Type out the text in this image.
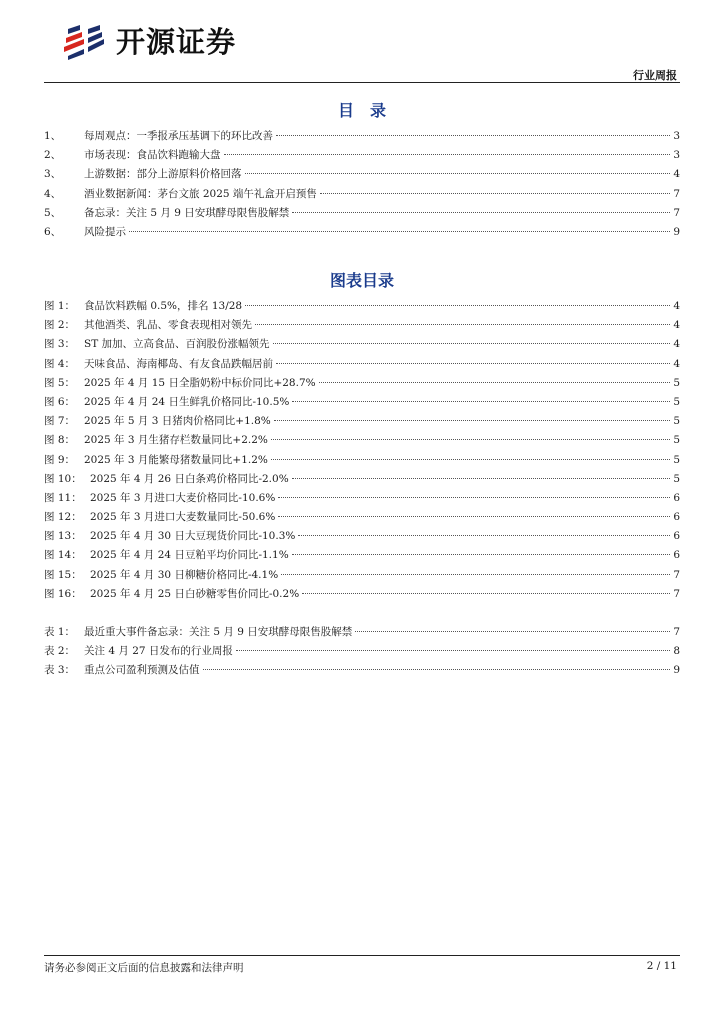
开源证券
行业周报
目　录
1、	每周观点：一季报承压基调下的环比改善	3
2、	市场表现：食品饮料跑输大盘	3
3、	上游数据：部分上游原料价格回落	4
4、	酒业数据新闻：茅台文旅 2025 端午礼盒开启预售	7
5、	备忘录：关注 5 月 9 日安琪酵母限售股解禁	7
6、	风险提示	9
图表目录
图 1： 食品饮料跌幅 0.5%，排名 13/28	4
图 2： 其他酒类、乳品、零食表现相对领先	4
图 3： ST 加加、立高食品、百润股份涨幅领先	4
图 4： 天味食品、海南椰岛、有友食品跌幅居前	4
图 5： 2025 年 4 月 15 日全脂奶粉中标价同比+28.7%	5
图 6： 2025 年 4 月 24 日生鲜乳价格同比-10.5%	5
图 7： 2025 年 5 月 3 日猪肉价格同比+1.8%	5
图 8： 2025 年 3 月生猪存栏数量同比+2.2%	5
图 9： 2025 年 3 月能繁母猪数量同比+1.2%	5
图 10： 2025 年 4 月 26 日白条鸡价格同比-2.0%	5
图 11： 2025 年 3 月进口大麦价格同比-10.6%	6
图 12： 2025 年 3 月进口大麦数量同比-50.6%	6
图 13： 2025 年 4 月 30 日大豆现货价同比-10.3%	6
图 14： 2025 年 4 月 24 日豆粕平均价同比-1.1%	6
图 15： 2025 年 4 月 30 日柳糖价格同比-4.1%	7
图 16： 2025 年 4 月 25 日白砂糖零售价同比-0.2%	7
表 1： 最近重大事件备忘录：关注 5 月 9 日安琪酵母限售股解禁	7
表 2： 关注 4 月 27 日发布的行业周报	8
表 3： 重点公司盈利预测及估值	9
请务必参阅正文后面的信息披露和法律声明	2 / 11
